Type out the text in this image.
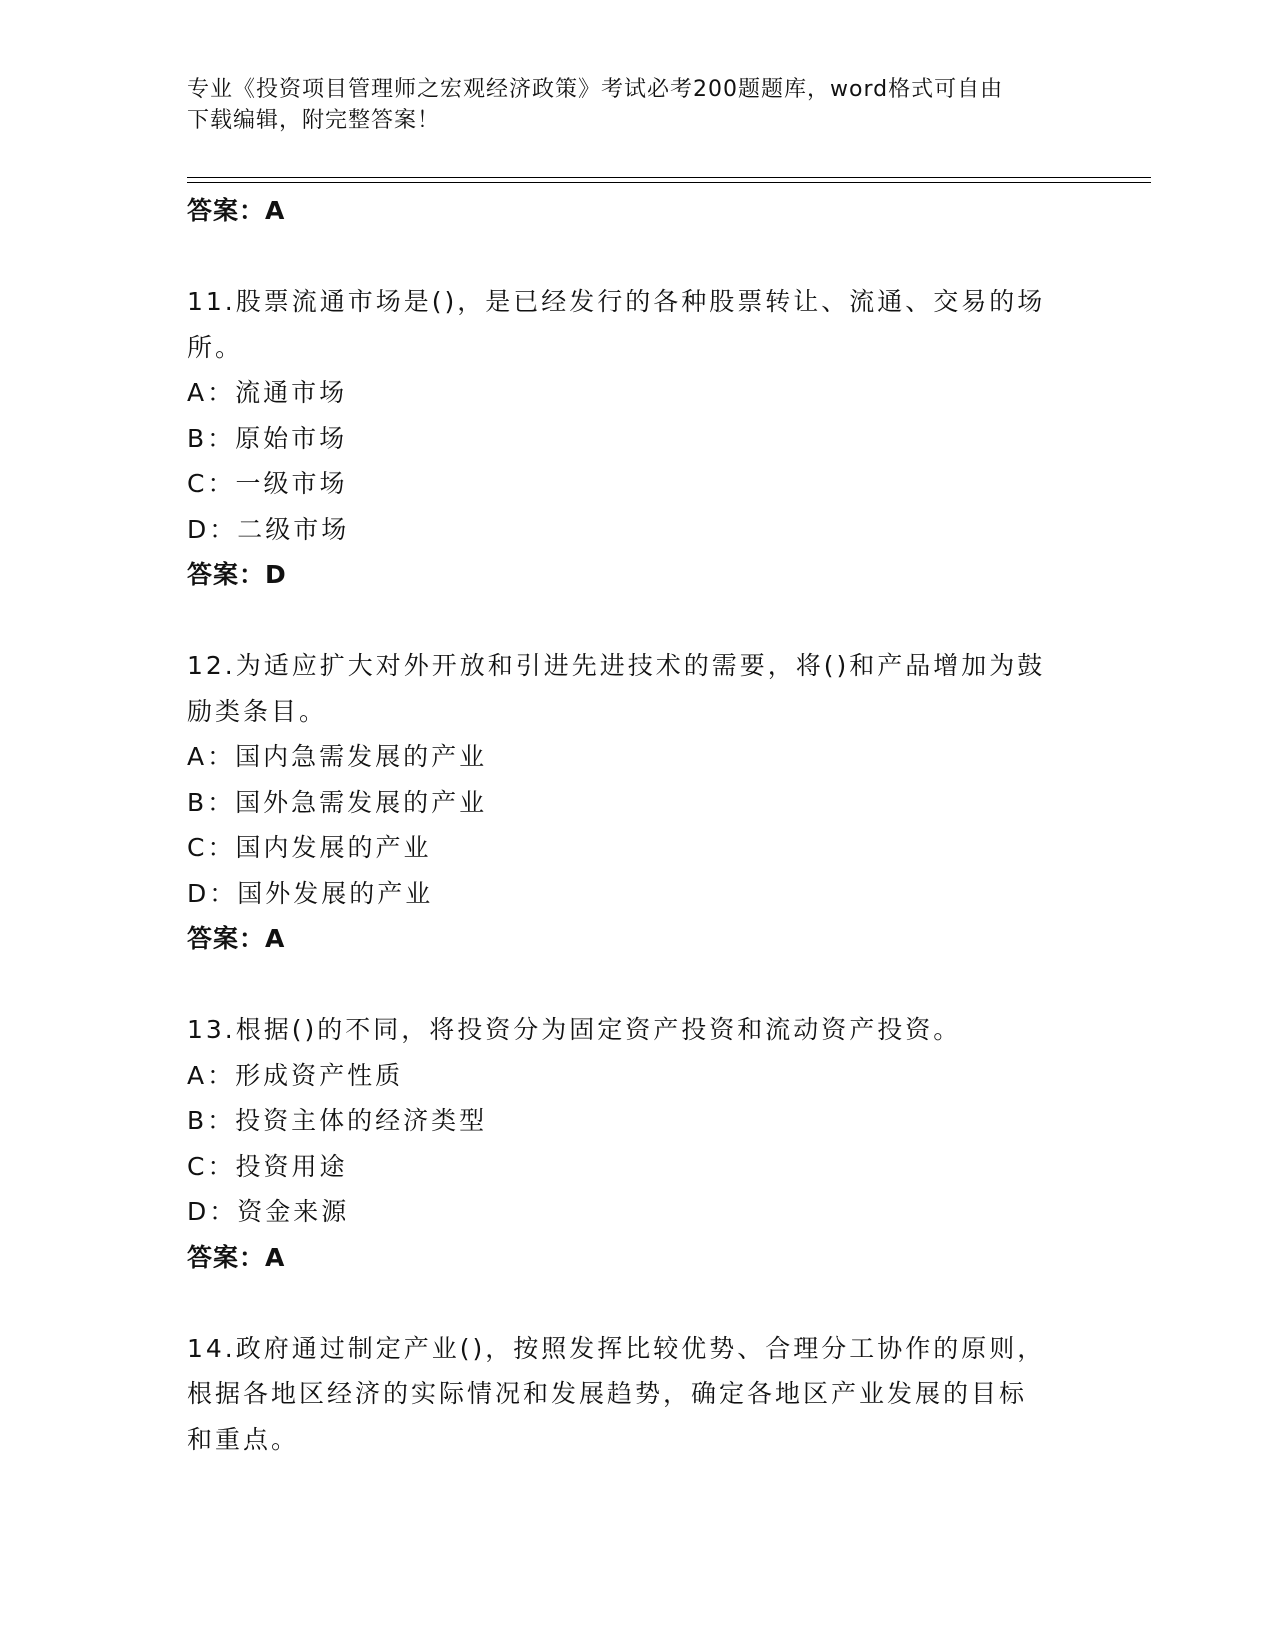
专业《投资项目管理师之宏观经济政策》考试必考200题题库，word格式可自由
下载编辑，附完整答案！
答案：A
11.股票流通市场是()，是已经发行的各种股票转让、流通、交易的场
所。
A：流通市场
B：原始市场
C：一级市场
D：二级市场
答案：D
12.为适应扩大对外开放和引进先进技术的需要，将()和产品增加为鼓
励类条目。
A：国内急需发展的产业
B：国外急需发展的产业
C：国内发展的产业
D：国外发展的产业
答案：A
13.根据()的不同，将投资分为固定资产投资和流动资产投资。
A：形成资产性质
B：投资主体的经济类型
C：投资用途
D：资金来源
答案：A
14.政府通过制定产业()，按照发挥比较优势、合理分工协作的原则，
根据各地区经济的实际情况和发展趋势，确定各地区产业发展的目标
和重点。
